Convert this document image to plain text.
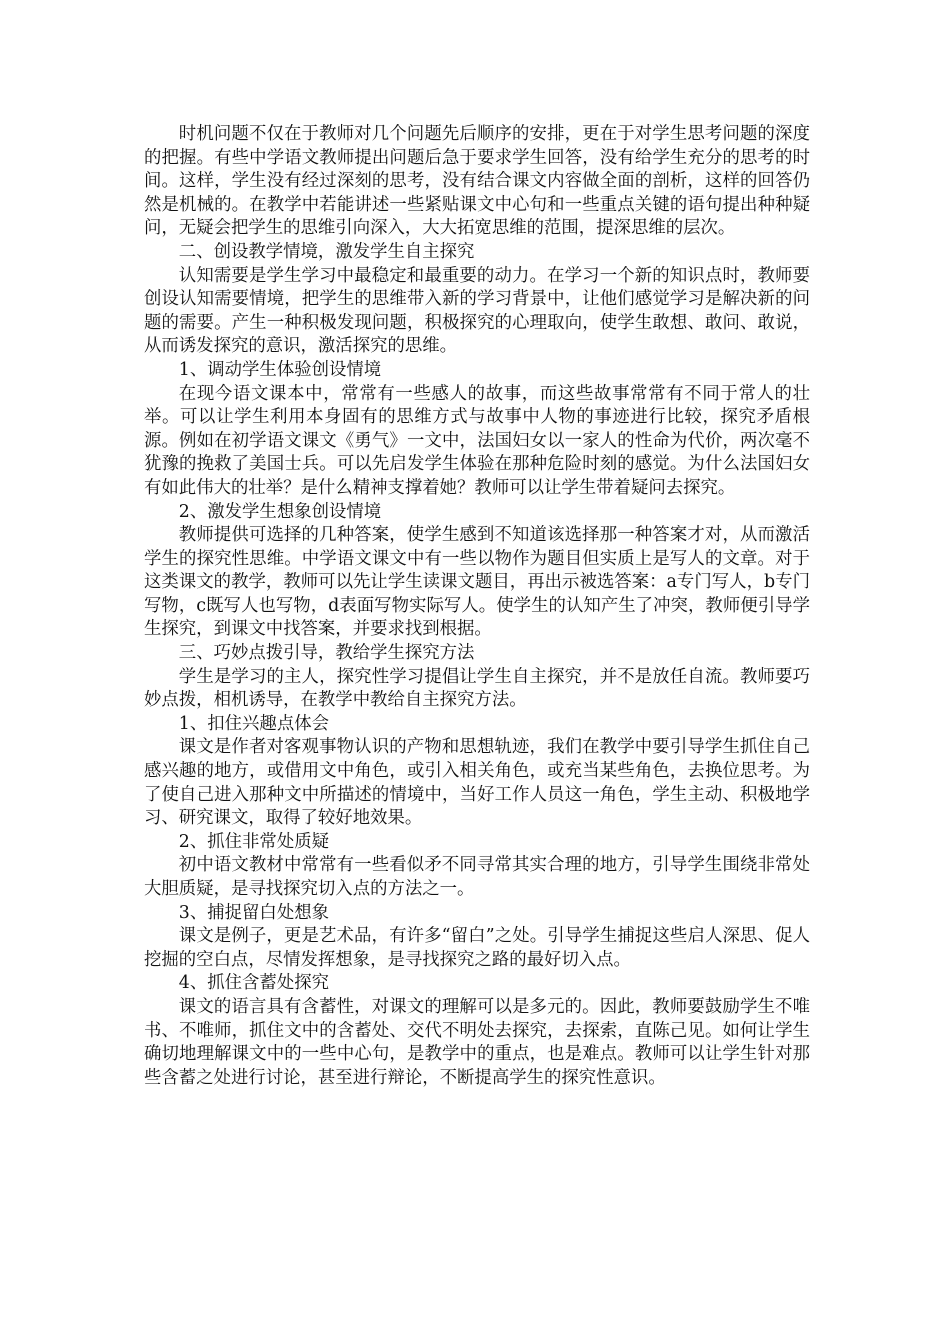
时机问题不仅在于教师对几个问题先后顺序的安排，更在于对学生思考问题的深度的把握。有些中学语文教师提出问题后急于要求学生回答，没有给学生充分的思考的时间。这样，学生没有经过深刻的思考，没有结合课文内容做全面的剖析，这样的回答仍然是机械的。在教学中若能讲述一些紧贴课文中心句和一些重点关键的语句提出种种疑问，无疑会把学生的思维引向深入，大大拓宽思维的范围，提深思维的层次。

二、创设教学情境，激发学生自主探究

认知需要是学生学习中最稳定和最重要的动力。在学习一个新的知识点时，教师要创设认知需要情境，把学生的思维带入新的学习背景中，让他们感觉学习是解决新的问题的需要。产生一种积极发现问题，积极探究的心理取向，使学生敢想、敢问、敢说，从而诱发探究的意识，激活探究的思维。

1、调动学生体验创设情境

在现今语文课本中，常常有一些感人的故事，而这些故事常常有不同于常人的壮举。可以让学生利用本身固有的思维方式与故事中人物的事迹进行比较，探究矛盾根源。例如在初学语文课文《勇气》一文中，法国妇女以一家人的性命为代价，两次毫不犹豫的挽救了美国士兵。可以先启发学生体验在那种危险时刻的感觉。为什么法国妇女有如此伟大的壮举？是什么精神支撑着她？教师可以让学生带着疑问去探究。

2、激发学生想象创设情境

教师提供可选择的几种答案，使学生感到不知道该选择那一种答案才对，从而激活学生的探究性思维。中学语文课文中有一些以物作为题目但实质上是写人的文章。对于这类课文的教学，教师可以先让学生读课文题目，再出示被选答案：a专门写人，b专门写物，c既写人也写物，d表面写物实际写人。使学生的认知产生了冲突，教师便引导学生探究，到课文中找答案，并要求找到根据。

三、巧妙点拨引导，教给学生探究方法

学生是学习的主人，探究性学习提倡让学生自主探究，并不是放任自流。教师要巧妙点拨，相机诱导，在教学中教给自主探究方法。

1、扣住兴趣点体会

课文是作者对客观事物认识的产物和思想轨迹，我们在教学中要引导学生抓住自己感兴趣的地方，或借用文中角色，或引入相关角色，或充当某些角色，去换位思考。为了使自己进入那种文中所描述的情境中，当好工作人员这一角色，学生主动、积极地学习、研究课文，取得了较好地效果。

2、抓住非常处质疑

初中语文教材中常常有一些看似矛不同寻常其实合理的地方，引导学生围绕非常处大胆质疑，是寻找探究切入点的方法之一。

3、捕捉留白处想象

课文是例子，更是艺术品，有许多“留白”之处。引导学生捕捉这些启人深思、促人挖掘的空白点，尽情发挥想象，是寻找探究之路的最好切入点。

4、抓住含蓄处探究

课文的语言具有含蓄性，对课文的理解可以是多元的。因此，教师要鼓励学生不唯书、不唯师，抓住文中的含蓄处、交代不明处去探究，去探索，直陈己见。如何让学生确切地理解课文中的一些中心句，是教学中的重点，也是难点。教师可以让学生针对那些含蓄之处进行讨论，甚至进行辩论，不断提高学生的探究性意识。
